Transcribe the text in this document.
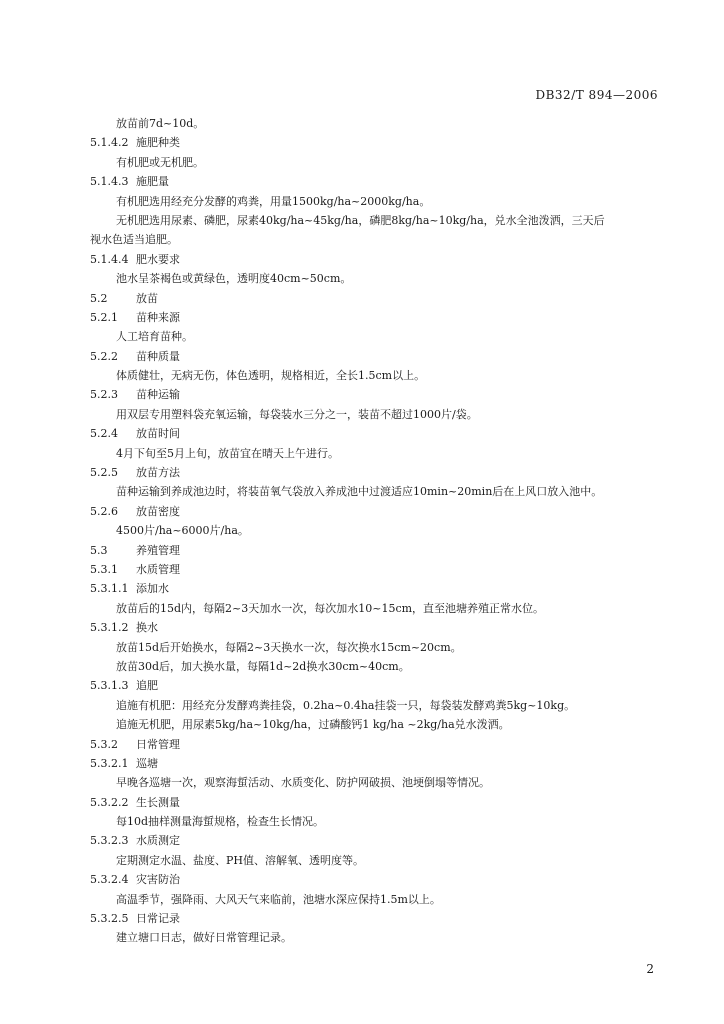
DB32/T 894—2006
放苗前7d~10d。
5.1.4.2 施肥种类
有机肥或无机肥。
5.1.4.3 施肥量
有机肥选用经充分发酵的鸡粪，用量1500kg/ha~2000kg/ha。
无机肥选用尿素、磷肥，尿素40kg/ha~45kg/ha，磷肥8kg/ha~10kg/ha，兑水全池泼洒，三天后
视水色适当追肥。
5.1.4.4 肥水要求
池水呈茶褐色或黄绿色，透明度40cm~50cm。
5.2	放苗
5.2.1 苗种来源
人工培育苗种。
5.2.2 苗种质量
体质健壮，无病无伤，体色透明，规格相近，全长1.5cm以上。
5.2.3 苗种运输
用双层专用塑料袋充氧运输，每袋装水三分之一，装苗不超过1000片/袋。
5.2.4 放苗时间
4月下旬至5月上旬，放苗宜在晴天上午进行。
5.2.5 放苗方法
苗种运输到养成池边时，将装苗氧气袋放入养成池中过渡适应10min~20min后在上风口放入池中。
5.2.6 放苗密度
4500片/ha~6000片/ha。
5.3	养殖管理
5.3.1 水质管理
5.3.1.1 添加水
放苗后的15d内，每隔2~3天加水一次，每次加水10~15cm，直至池塘养殖正常水位。
5.3.1.2 换水
放苗15d后开始换水，每隔2~3天换水一次，每次换水15cm~20cm。
放苗30d后，加大换水量，每隔1d~2d换水30cm~40cm。
5.3.1.3 追肥
追施有机肥：用经充分发酵鸡粪挂袋，0.2ha~0.4ha挂袋一只，每袋装发酵鸡粪5kg~10kg。
追施无机肥，用尿素5kg/ha~10kg/ha，过磷酸钙1 kg/ha ~2kg/ha兑水泼洒。
5.3.2 日常管理
5.3.2.1 巡塘
早晚各巡塘一次，观察海蜇活动、水质变化、防护网破损、池埂倒塌等情况。
5.3.2.2 生长测量
每10d抽样测量海蜇规格，检查生长情况。
5.3.2.3 水质测定
定期测定水温、盐度、PH值、溶解氧、透明度等。
5.3.2.4 灾害防治
高温季节，强降雨、大风天气来临前，池塘水深应保持1.5m以上。
5.3.2.5 日常记录
建立塘口日志，做好日常管理记录。
2
